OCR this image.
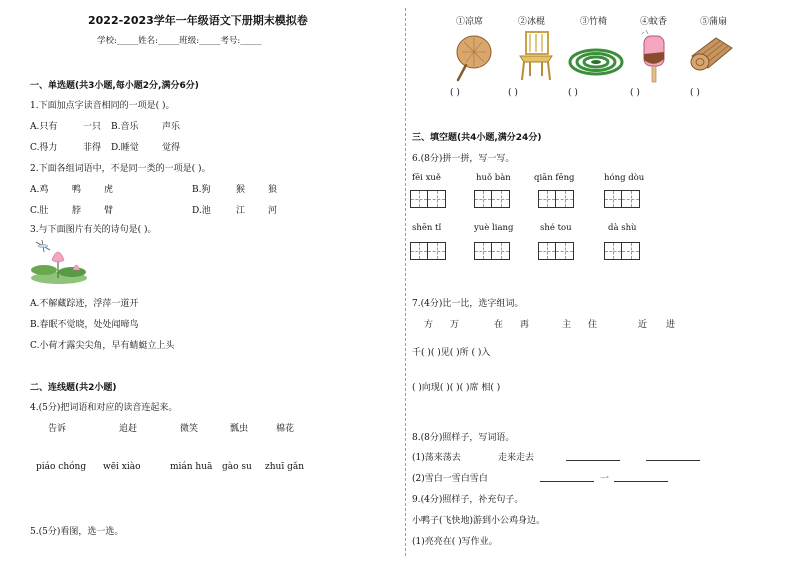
2022-2023学年一年级语文下册期末模拟卷
学校:_____姓名:_____班级:_____考号:_____
一、单选题(共3小题,每小题2分,满分6分)
1.下面加点字读音相同的一项是( )。
A.只有	一只 B.音乐	声乐
C.得力	非得 D.睡觉	觉得
2.下面各组词语中，不是同一类的一项是( )。
A.鸡	鸭	虎	B.狗	猴	狼
C.肚	脖	臂	D.池	江	河
3.与下面图片有关的诗句是( )。
A.不解藏踪迹，浮萍一道开
B.春眠不觉晓，处处闻啼鸟
C.小荷才露尖尖角，早有蜻蜓立上头
二、连线题(共2小题)
4.(5分)把词语和对应的读音连起来。
告诉	追赶	微笑	瓢虫	棉花
piáo chóng wēi xiào	mián huā gào su zhuī gǎn
5.(5分)看图，选一选。
①凉席	②冰棍	③竹椅	④蚊香	⑤蒲扇
( )	( )	( )	( )	( )
三、填空题(共4小题,满分24分)
6.(8分)拼一拼，写一写。
fēi xuě	huǒ bàn	qiān fēng	hóng dòu
shēn tǐ	yuè liang	shé tou	dà shù
7.(4分)比一比，选字组词。
方 万	在 再	主 住	近 进
千( )( )见( )所 ( )入
( )向现( )( )( )席 相( )
8.(8分)照样子，写词语。
(1)荡来荡去	走来走去
(2)雪白一雪白雪白	一
9.(4分)照样子，补充句子。
小鸭子(飞快地)游到小公鸡身边。
(1)亮亮在( )写作业。
